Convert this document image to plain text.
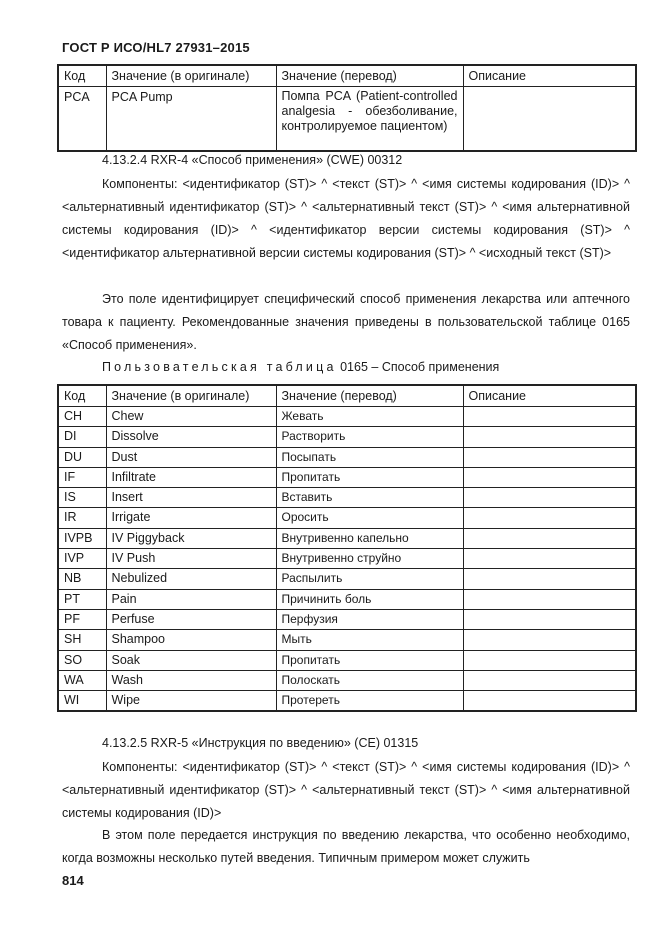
ГОСТ Р ИСО/HL7 27931–2015
Код	Значение (в оригинале)	Значение (перевод)	Описание
PCA	PCA Pump	Помпа PCA (Patient-controlled analgesia - обезболивание, контролируемое пациентом)	
4.13.2.4 RXR-4 «Способ применения» (CWE) 00312
Компоненты: <идентификатор (ST)> ^ <текст (ST)> ^ <имя системы кодирования (ID)> ^ <альтернативный идентификатор (ST)> ^ <альтернативный текст (ST)> ^ <имя альтернативной системы кодирования (ID)> ^ <идентификатор версии системы кодирования (ST)> ^ <идентификатор альтернативной версии системы кодирования (ST)> ^ <исходный текст (ST)>
Это поле идентифицирует специфический способ применения лекарства или аптечного товара к пациенту. Рекомендованные значения приведены в пользовательской таблице 0165 «Способ применения».
Пользовательская таблица 0165 – Способ применения
Код	Значение (в оригинале)	Значение (перевод)	Описание
CH	Chew	Жевать	
DI	Dissolve	Растворить	
DU	Dust	Посыпать	
IF	Infiltrate	Пропитать	
IS	Insert	Вставить	
IR	Irrigate	Оросить	
IVPB	IV Piggyback	Внутривенно капельно	
IVP	IV Push	Внутривенно струйно	
NB	Nebulized	Распылить	
PT	Pain	Причинить боль	
PF	Perfuse	Перфузия	
SH	Shampoo	Мыть	
SO	Soak	Пропитать	
WA	Wash	Полоскать	
WI	Wipe	Протереть	
4.13.2.5 RXR-5 «Инструкция по введению» (CE) 01315
Компоненты: <идентификатор (ST)> ^ <текст (ST)> ^ <имя системы кодирования (ID)> ^ <альтернативный идентификатор (ST)> ^ <альтернативный текст (ST)> ^ <имя альтернативной системы кодирования (ID)>
В этом поле передается инструкция по введению лекарства, что особенно необходимо, когда возможны несколько путей введения. Типичным примером может служить
814
